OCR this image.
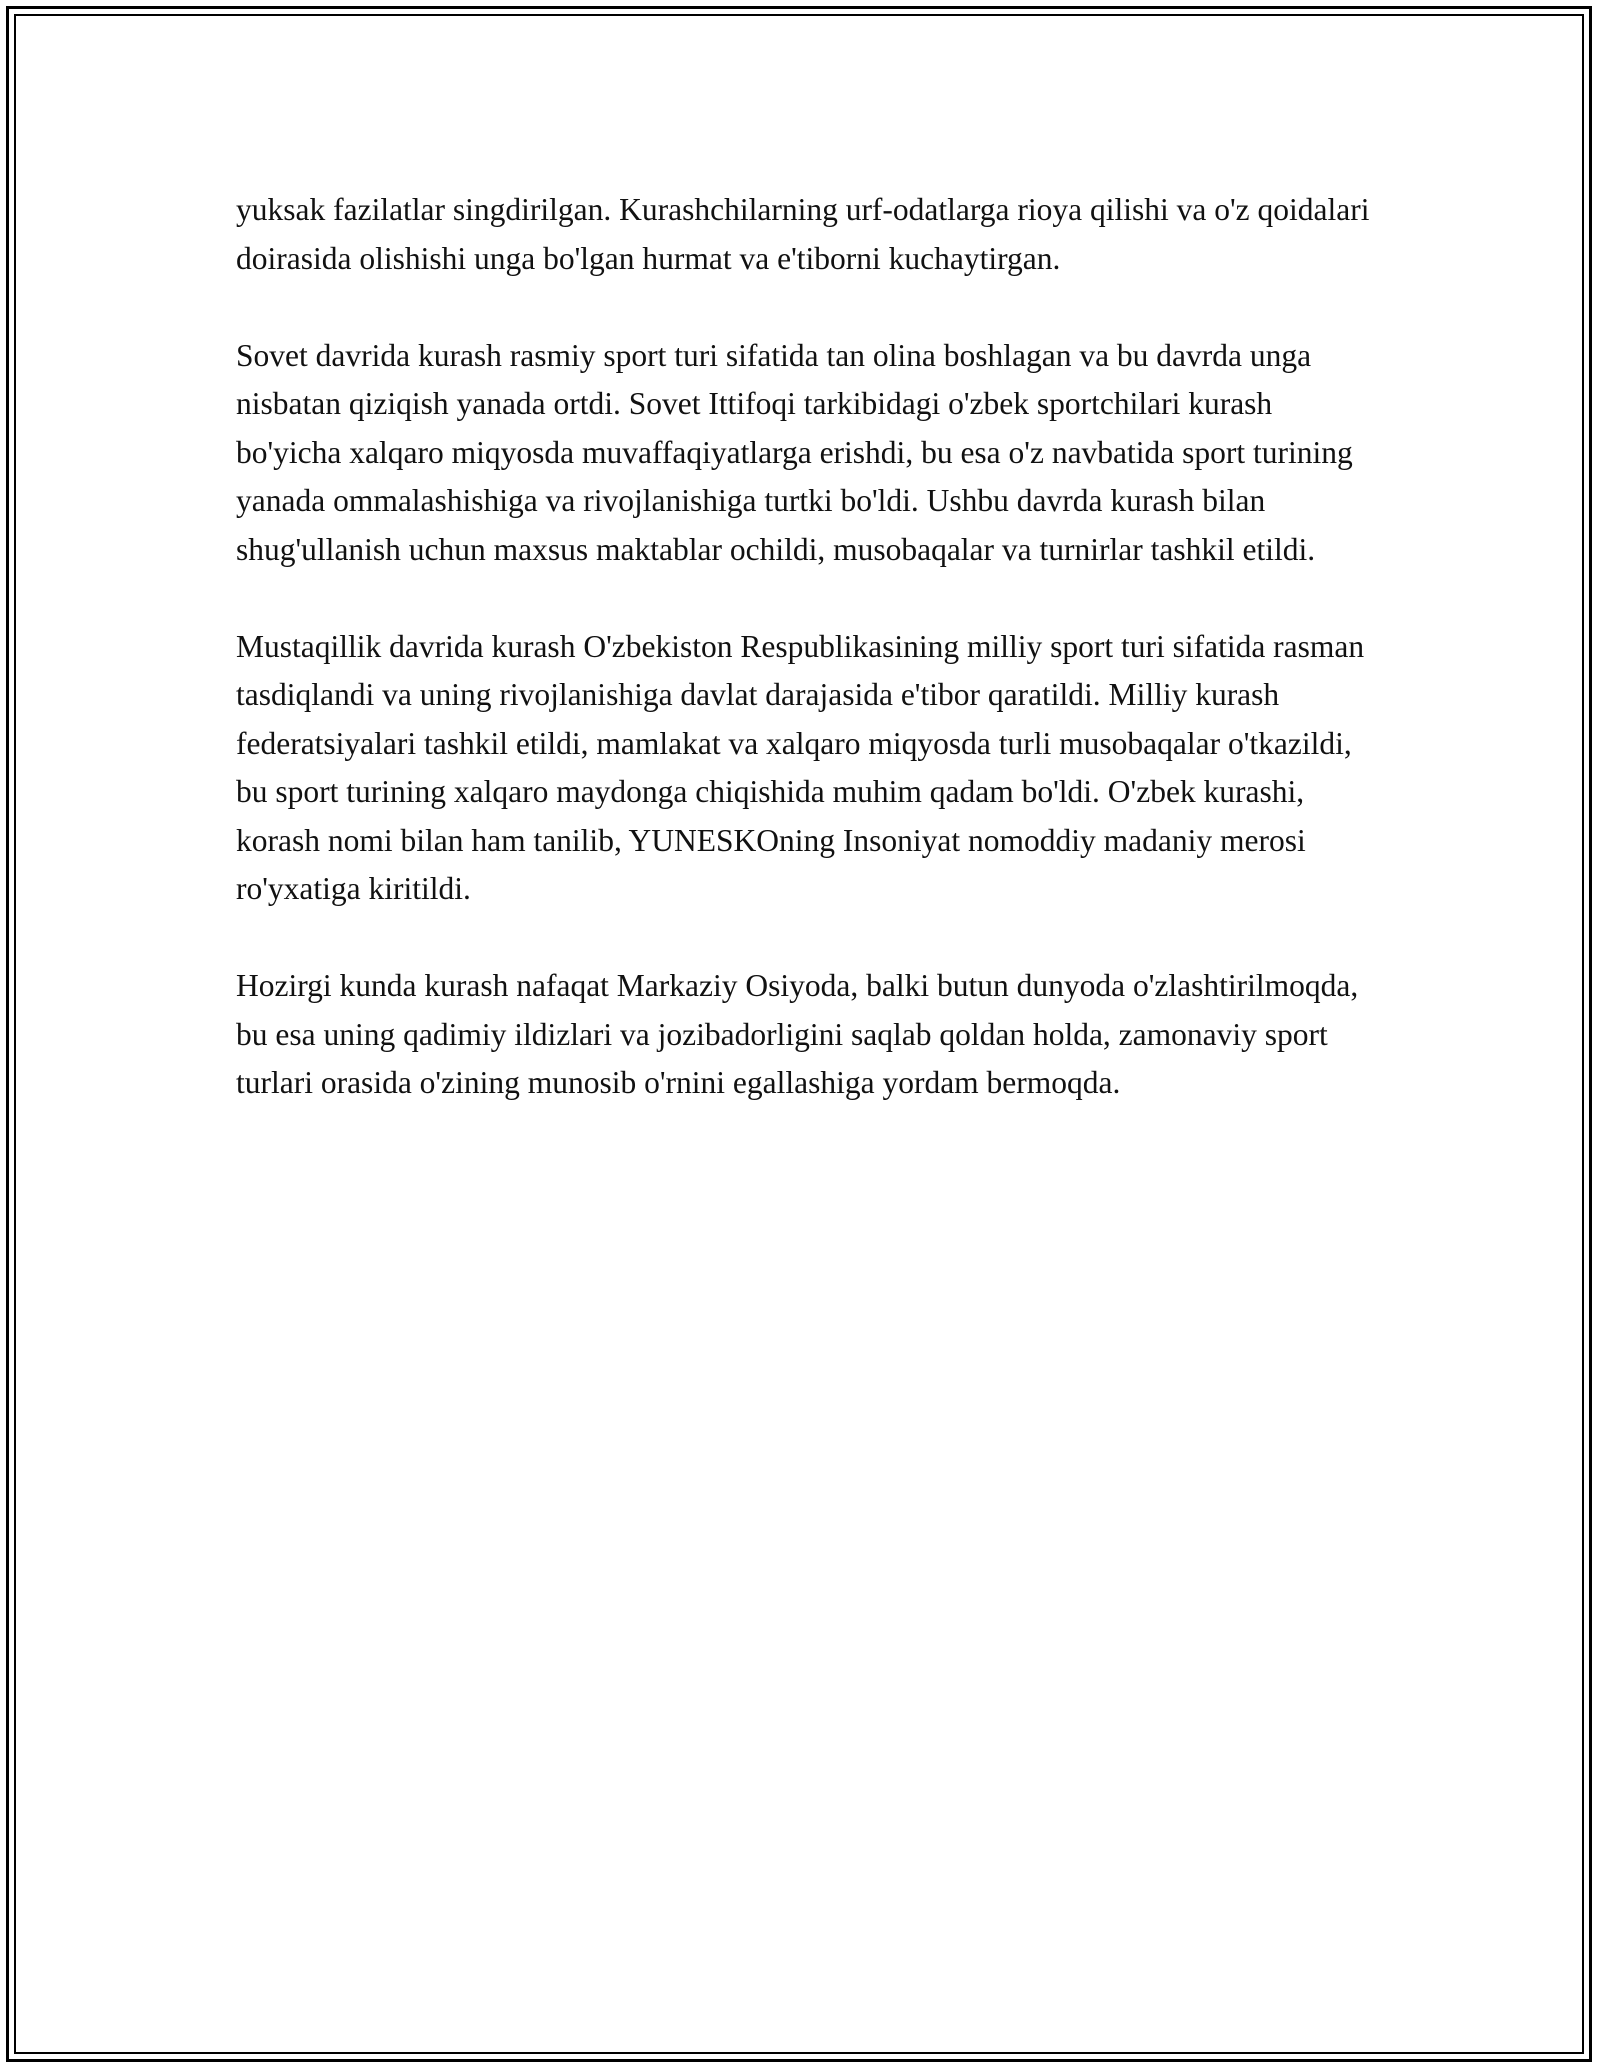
yuksak fazilatlar singdirilgan. Kurashchilarning urf-odatlarga rioya qilishi va o'z qoidalari doirasida olishishi unga bo'lgan hurmat va e'tiborni kuchaytirgan.

Sovet davrida kurash rasmiy sport turi sifatida tan olina boshlagan va bu davrda unga nisbatan qiziqish yanada ortdi. Sovet Ittifoqi tarkibidagi o'zbek sportchilari kurash bo'yicha xalqaro miqyosda muvaffaqiyatlarga erishdi, bu esa o'z navbatida sport turining yanada ommalashishiga va rivojlanishiga turtki bo'ldi. Ushbu davrda kurash bilan shug'ullanish uchun maxsus maktablar ochildi, musobaqalar va turnirlar tashkil etildi.

Mustaqillik davrida kurash O'zbekiston Respublikasining milliy sport turi sifatida rasman tasdiqlandi va uning rivojlanishiga davlat darajasida e'tibor qaratildi. Milliy kurash federatsiyalari tashkil etildi, mamlakat va xalqaro miqyosda turli musobaqalar o'tkazildi, bu sport turining xalqaro maydonga chiqishida muhim qadam bo'ldi. O'zbek kurashi, korash nomi bilan ham tanilib, YUNESKOning Insoniyat nomoddiy madaniy merosi ro'yxatiga kiritildi.

Hozirgi kunda kurash nafaqat Markaziy Osiyoda, balki butun dunyoda o'zlashtirilmoqda, bu esa uning qadimiy ildizlari va jozibadorligini saqlab qoldan holda, zamonaviy sport turlari orasida o'zining munosib o'rnini egallashiga yordam bermoqda.
